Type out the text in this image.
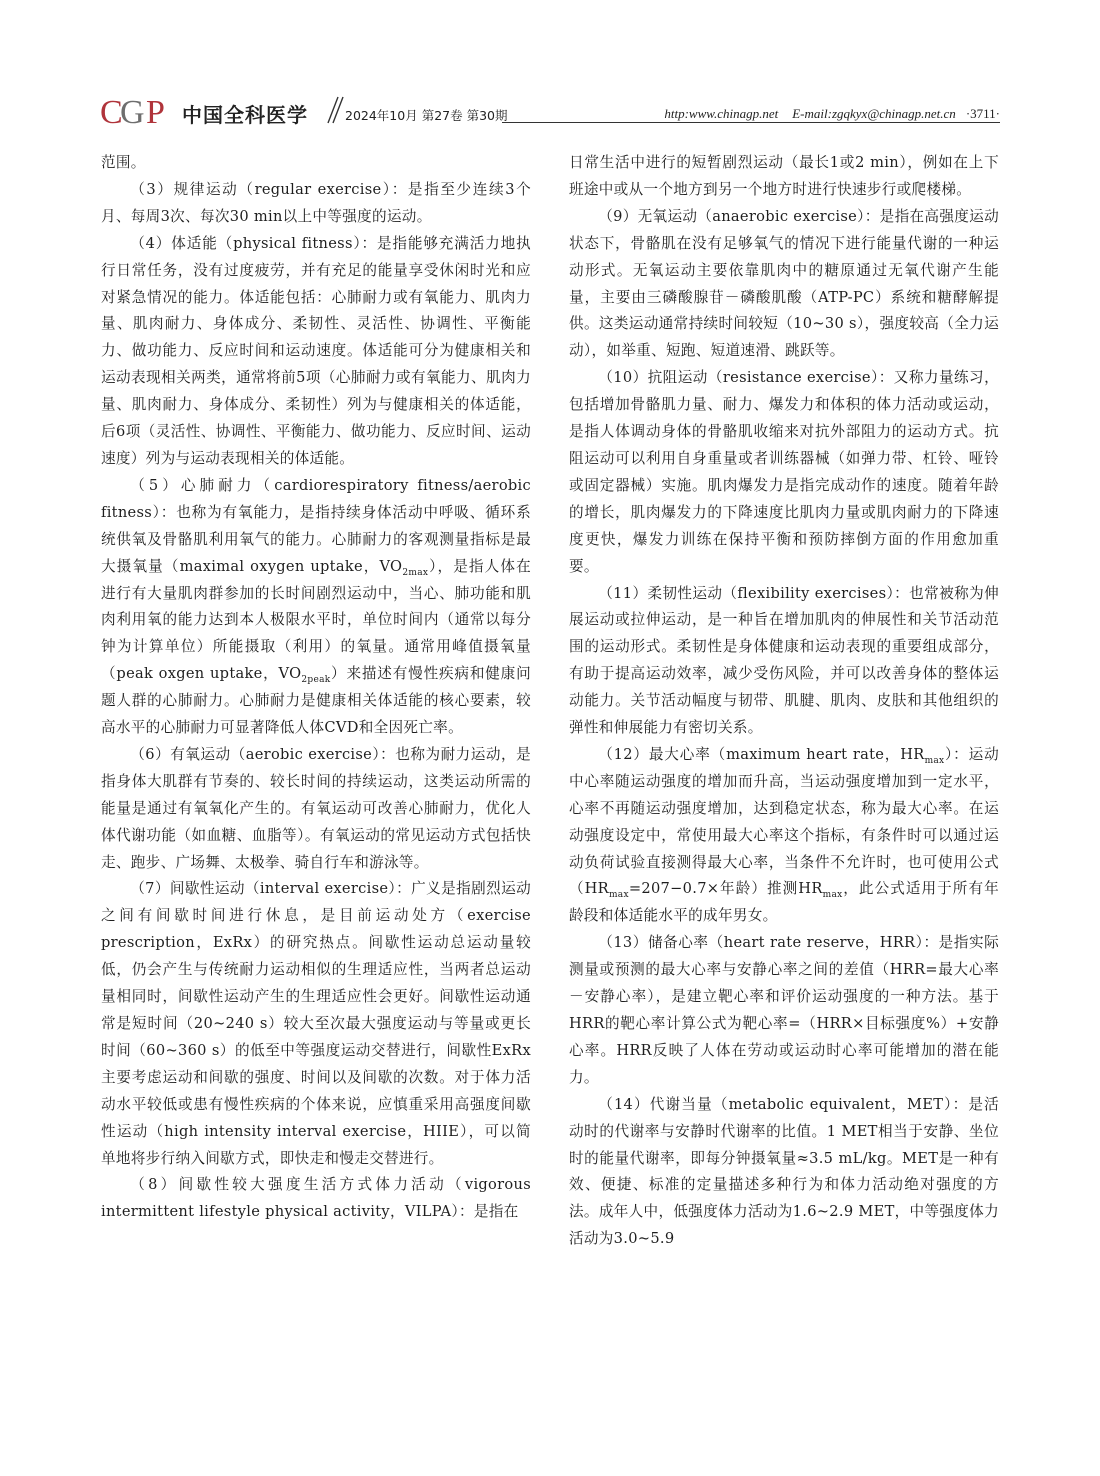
C
G P 中国全科医学	2024年10月 第27卷 第30期	http:www.chinagp.net E-mail:zgqkyx@chinagp.net.cn ·3711·

范围。

（3）规律运动（regular exercise）：是指至少连续3个月、每周3次、每次30 min以上中等强度的运动。

（4）体适能（physical fitness）：是指能够充满活力地执行日常任务，没有过度疲劳，并有充足的能量享受休闲时光和应对紧急情况的能力。体适能包括：心肺耐力或有氧能力、肌肉力量、肌肉耐力、身体成分、柔韧性、灵活性、协调性、平衡能力、做功能力、反应时间和运动速度。体适能可分为健康相关和运动表现相关两类，通常将前5项（心肺耐力或有氧能力、肌肉力量、肌肉耐力、身体成分、柔韧性）列为与健康相关的体适能，后6项（灵活性、协调性、平衡能力、做功能力、反应时间、运动速度）列为与运动表现相关的体适能。

（5）心肺耐力（cardiorespiratory fitness/aerobic fitness）：也称为有氧能力，是指持续身体活动中呼吸、循环系统供氧及骨骼肌利用氧气的能力。心肺耐力的客观测量指标是最大摄氧量（maximal oxygen uptake，$VO_{2max}$），是指人体在进行有大量肌肉群参加的长时间剧烈运动中，当心、肺功能和肌肉利用氧的能力达到本人极限水平时，单位时间内（通常以每分钟为计算单位）所能摄取（利用）的氧量。通常用峰值摄氧量（peak oxgen uptake，$VO_{2peak}$）来描述有慢性疾病和健康问题人群的心肺耐力。心肺耐力是健康相关体适能的核心要素，较高水平的心肺耐力可显著降低人体CVD和全因死亡率。

（6）有氧运动（aerobic exercise）：也称为耐力运动，是指身体大肌群有节奏的、较长时间的持续运动，这类运动所需的能量是通过有氧氧化产生的。有氧运动可改善心肺耐力，优化人体代谢功能（如血糖、血脂等）。有氧运动的常见运动方式包括快走、跑步、广场舞、太极拳、骑自行车和游泳等。

（7）间歇性运动（interval exercise）：广义是指剧烈运动之间有间歇时间进行休息，是目前运动处方（exercise prescription，ExRx）的研究热点。间歇性运动总运动量较低，仍会产生与传统耐力运动相似的生理适应性，当两者总运动量相同时，间歇性运动产生的生理适应性会更好。间歇性运动通常是短时间（20~240 s）较大至次最大强度运动与等量或更长时间（60~360 s）的低至中等强度运动交替进行，间歇性ExRx主要考虑运动和间歇的强度、时间以及间歇的次数。对于体力活动水平较低或患有慢性疾病的个体来说，应慎重采用高强度间歇性运动（high intensity interval exercise，HIIE），可以简单地将步行纳入间歇方式，即快走和慢走交替进行。

（8）间歇性较大强度生活方式体力活动（vigorous intermittent lifestyle physical activity，VILPA）：是指在

日常生活中进行的短暂剧烈运动（最长1或2 min），例如在上下班途中或从一个地方到另一个地方时进行快速步行或爬楼梯。

（9）无氧运动（anaerobic exercise）：是指在高强度运动状态下，骨骼肌在没有足够氧气的情况下进行能量代谢的一种运动形式。无氧运动主要依靠肌肉中的糖原通过无氧代谢产生能量，主要由三磷酸腺苷－磷酸肌酸（ATP-PC）系统和糖酵解提供。这类运动通常持续时间较短（10~30 s），强度较高（全力运动），如举重、短跑、短道速滑、跳跃等。

（10）抗阻运动（resistance exercise）：又称力量练习，包括增加骨骼肌力量、耐力、爆发力和体积的体力活动或运动，是指人体调动身体的骨骼肌收缩来对抗外部阻力的运动方式。抗阻运动可以利用自身重量或者训练器械（如弹力带、杠铃、哑铃或固定器械）实施。肌肉爆发力是指完成动作的速度。随着年龄的增长，肌肉爆发力的下降速度比肌肉力量或肌肉耐力的下降速度更快，爆发力训练在保持平衡和预防摔倒方面的作用愈加重要。

（11）柔韧性运动（flexibility exercises）：也常被称为伸展运动或拉伸运动，是一种旨在增加肌肉的伸展性和关节活动范围的运动形式。柔韧性是身体健康和运动表现的重要组成部分，有助于提高运动效率，减少受伤风险，并可以改善身体的整体运动能力。关节活动幅度与韧带、肌腱、肌肉、皮肤和其他组织的弹性和伸展能力有密切关系。

（12）最大心率（maximum heart rate，$HR_{max}$）：运动中心率随运动强度的增加而升高，当运动强度增加到一定水平，心率不再随运动强度增加，达到稳定状态，称为最大心率。在运动强度设定中，常使用最大心率这个指标，有条件时可以通过运动负荷试验直接测得最大心率，当条件不允许时，也可使用公式（$HR_{max}=207-0.7\times$年龄）推测$HR_{max}$，此公式适用于所有年龄段和体适能水平的成年男女。

（13）储备心率（heart rate reserve，HRR）：是指实际测量或预测的最大心率与安静心率之间的差值（HRR=最大心率－安静心率），是建立靶心率和评价运动强度的一种方法。基于HRR的靶心率计算公式为靶心率=（HRR×目标强度%）+安静心率。HRR反映了人体在劳动或运动时心率可能增加的潜在能力。

（14）代谢当量（metabolic equivalent，MET）：是活动时的代谢率与安静时代谢率的比值。1 MET相当于安静、坐位时的能量代谢率，即每分钟摄氧量≈3.5 mL/kg。MET是一种有效、便捷、标准的定量描述多种行为和体力活动绝对强度的方法。成年人中，低强度体力活动为1.6~2.9 MET，中等强度体力活动为3.0~5.9
